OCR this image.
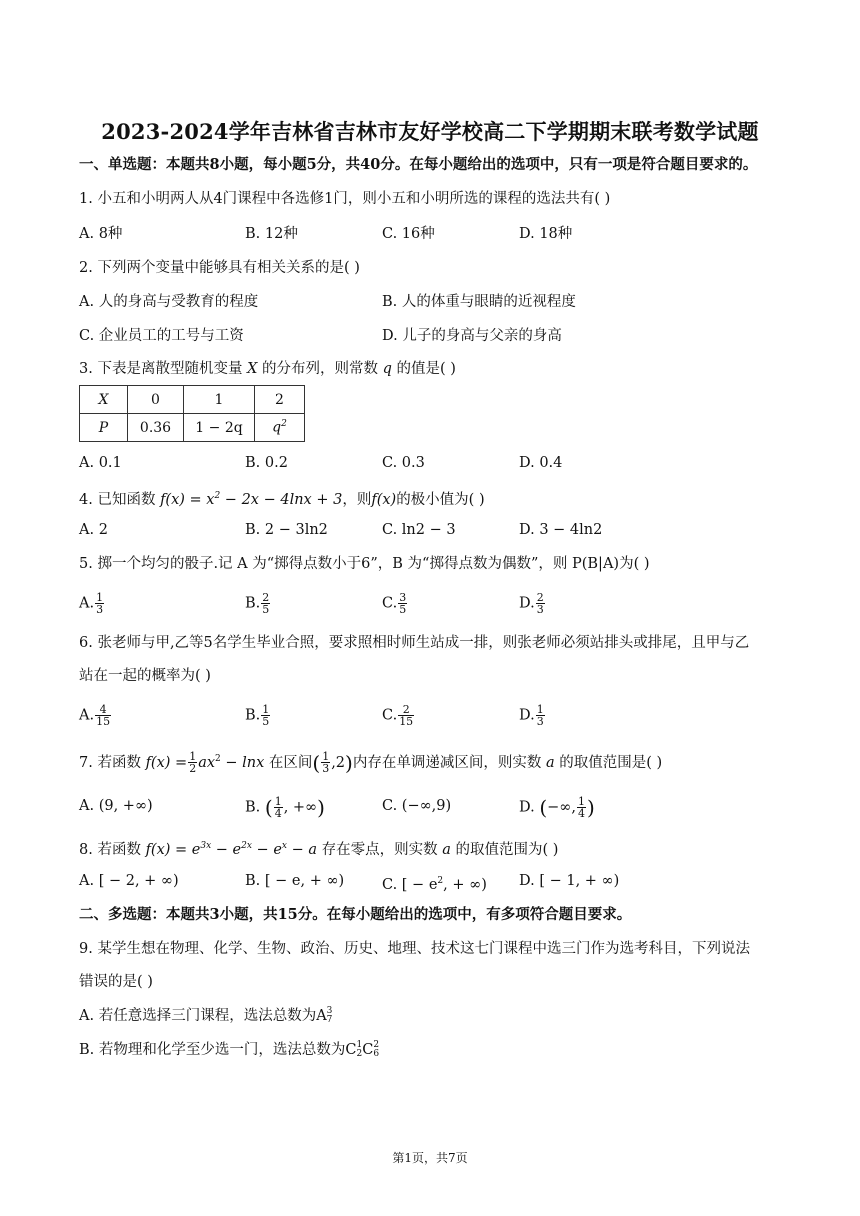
2023-2024学年吉林省吉林市友好学校高二下学期期末联考数学试题
一、单选题：本题共8小题，每小题5分，共40分。在每小题给出的选项中，只有一项是符合题目要求的。
1. 小五和小明两人从4门课程中各选修1门，则小五和小明所选的课程的选法共有( )
A. 8种	B. 12种	C. 16种	D. 18种
2. 下列两个变量中能够具有相关关系的是( )
A. 人的身高与受教育的程度	B. 人的体重与眼睛的近视程度
C. 企业员工的工号与工资	D. 儿子的身高与父亲的身高
3. 下表是离散型随机变量 X 的分布列，则常数 q 的值是( )
X	0	1	2
P	0.36	1 − 2q	$q^2$
A. 0.1	B. 0.2	C. 0.3	D. 0.4
4. 已知函数 $f(x) = x^2 - 2x - 4\ln x + 3$，则f(x)的极小值为( )
A. 2	B. 2 − 3ln2	C. ln2 − 3	D. 3 − 4ln2
5. 掷一个均匀的骰子.记 A 为“掷得点数小于6”，B 为“掷得点数为偶数”，则 P(B|A)为( )
A. $\frac{1}{3}$	B. $\frac{2}{5}$	C. $\frac{3}{5}$	D. $\frac{2}{3}$
6. 张老师与甲,乙等5名学生毕业合照，要求照相时师生站成一排，则张老师必须站排头或排尾，且甲与乙
站在一起的概率为( )
A. $\frac{4}{15}$	B. $\frac{1}{5}$	C. $\frac{2}{15}$	D. $\frac{1}{3}$
7. 若函数 $f(x) = \frac{1}{2} ax^2 - \ln x$ 在区间( $\frac{1}{3} ,2$)内存在单调递减区间，则实数 a 的取值范围是( )
A. (9, +∞)	B. ( $\frac{1}{4}$ , +∞)	C. (−∞,9)	D. (−∞, $\frac{1}{4}$ )
8. 若函数 $f(x) = e^{3x} - e^{2x} - e^x - a$ 存在零点，则实数 a 的取值范围为( )
A. [ − 2, + ∞)	B. [ − e, + ∞)	C. [ − $e^2$, + ∞) D. [ − 1, + ∞)
二、多选题：本题共3小题，共15分。在每小题给出的选项中，有多项符合题目要求。
9. 某学生想在物理、化学、生物、政治、历史、地理、技术这七门课程中选三门作为选考科目，下列说法
错误的是( )
A. 若任意选择三门课程，选法总数为A 3
7
B. 若物理和化学至少选一门，选法总数为C 1
2 C 2
6
第1页，共7页
